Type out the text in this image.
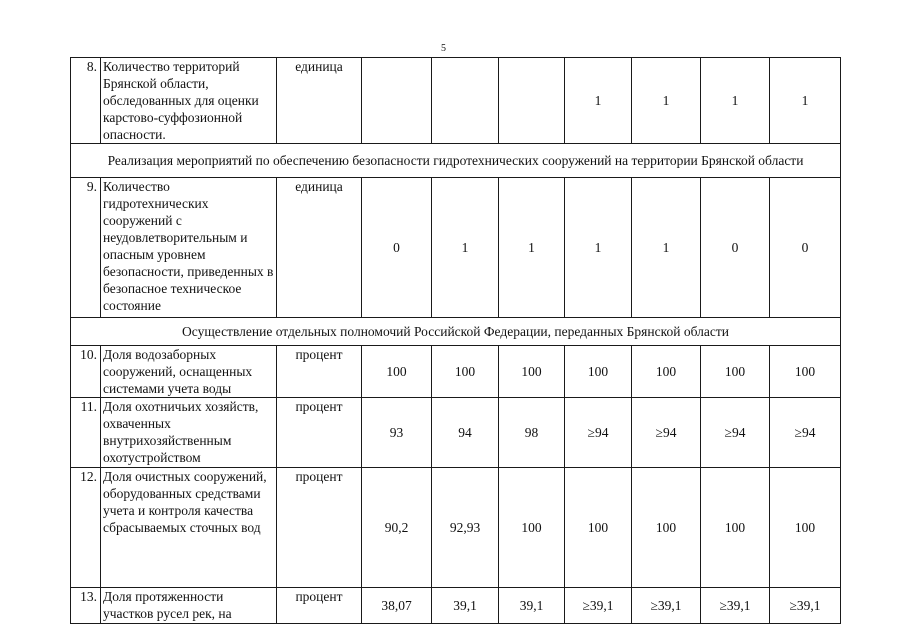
5
8.	Количество территорий Брянской области, обследованных для оценки карстово-суффозионной опасности.	единица				1	1	1	1
Реализация мероприятий по обеспечению безопасности гидротехнических сооружений на территории Брянской области									
9.	Количество гидротехнических сооружений с неудовлетворительным и опасным уровнем безопасности, приведенных в безопасное техническое состояние	единица	0	1	1	1	1	0	0
Осуществление отдельных полномочий Российской Федерации, переданных Брянской области									
10.	Доля водозаборных сооружений, оснащенных системами учета воды	процент	100	100	100	100	100	100	100
11.	Доля охотничьих хозяйств, охваченных внутрихозяйственным охотустройством	процент	93	94	98	≥94	≥94	≥94	≥94
12.	Доля очистных сооружений, оборудованных средствами учета и контроля качества сбрасываемых сточных вод	процент	90,2	92,93	100	100	100	100	100
13.	Доля протяженности участков русел рек, на	процент	38,07	39,1	39,1	≥39,1	≥39,1	≥39,1	≥39,1
